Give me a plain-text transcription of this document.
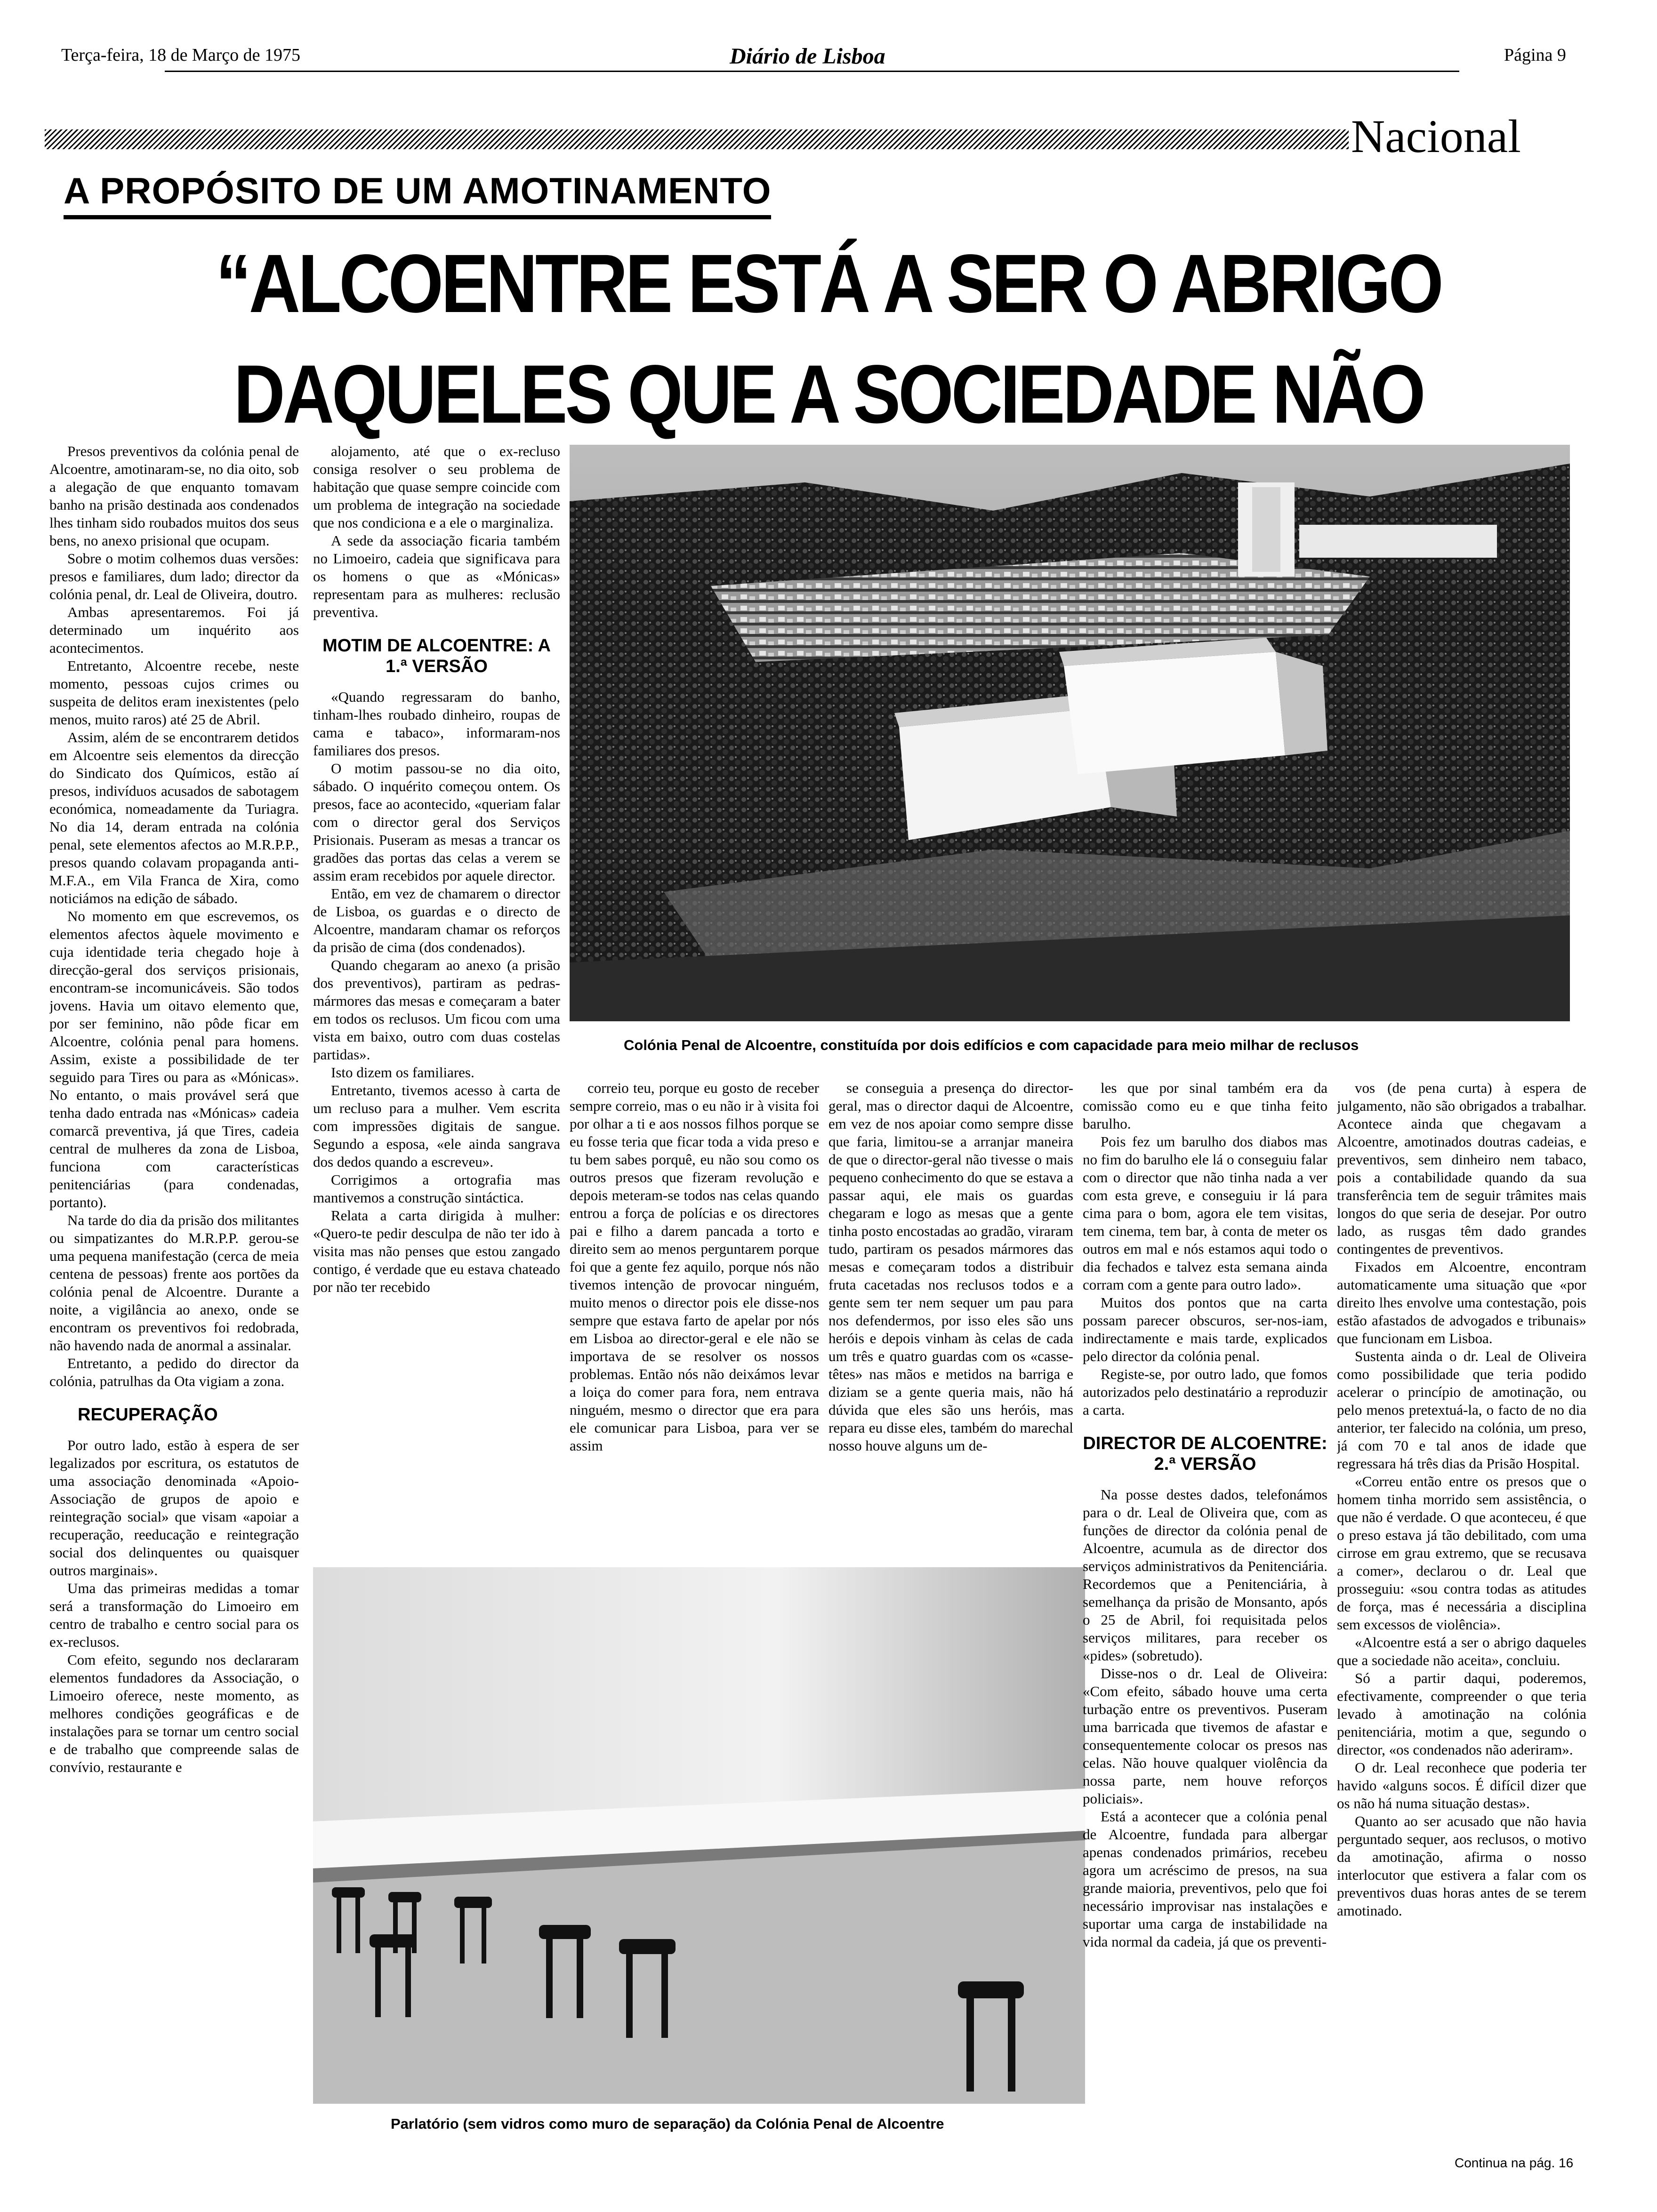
Terça-feira, 18 de Março de 1975	Diário de Lisboa	Página 9
Nacional
A PROPÓSITO DE UM AMOTINAMENTO
“ALCOENTRE ESTÁ A SER O ABRIGO
DAQUELES QUE A SOCIEDADE NÃO

Presos preventivos da colónia penal de Alcoentre, amotinaram-se, no dia oito, sob a alegação de que enquanto tomavam banho na prisão destinada aos condenados lhes tinham sido roubados muitos dos seus bens, no anexo prisional que ocupam.

Sobre o motim colhemos duas versões: presos e familiares, dum lado; director da colónia penal, dr. Leal de Oliveira, doutro.

Ambas apresentaremos. Foi já determinado um inquérito aos acontecimentos.

Entretanto, Alcoentre recebe, neste momento, pessoas cujos crimes ou suspeita de delitos eram inexistentes (pelo menos, muito raros) até 25 de Abril.

Assim, além de se encontrarem detidos em Alcoentre seis elementos da direcção do Sindicato dos Químicos, estão aí presos, indivíduos acusados de sabotagem económica, nomeadamente da Turiagra. No dia 14, deram entrada na colónia penal, sete elementos afectos ao M.R.P.P., presos quando colavam propaganda anti-M.F.A., em Vila Franca de Xira, como noticiámos na edição de sábado.

No momento em que escrevemos, os elementos afectos àquele movimento e cuja identidade teria chegado hoje à direcção-geral dos serviços prisionais, encontram-se incomunicáveis. São todos jovens. Havia um oitavo elemento que, por ser feminino, não pôde ficar em Alcoentre, colónia penal para homens. Assim, existe a possibilidade de ter seguido para Tires ou para as «Mónicas». No entanto, o mais provável será que tenha dado entrada nas «Mónicas» cadeia comarcã preventiva, já que Tires, cadeia central de mulheres da zona de Lisboa, funciona com características penitenciárias (para condenadas, portanto).

Na tarde do dia da prisão dos militantes ou simpatizantes do M.R.P.P. gerou-se uma pequena manifestação (cerca de meia centena de pessoas) frente aos portões da colónia penal de Alcoentre. Durante a noite, a vigilância ao anexo, onde se encontram os preventivos foi redobrada, não havendo nada de anormal a assinalar.

Entretanto, a pedido do director da colónia, patrulhas da Ota vigiam a zona.

RECUPERAÇÃO

Por outro lado, estão à espera de ser legalizados por escritura, os estatutos de uma associação denominada «Apoio-Associação de grupos de apoio e reintegração social» que visam «apoiar a recuperação, reeducação e reintegração social dos delinquentes ou quaisquer outros marginais».

Uma das primeiras medidas a tomar será a transformação do Limoeiro em centro de trabalho e centro social para os ex-reclusos.

Com efeito, segundo nos declararam elementos fundadores da Associação, o Limoeiro oferece, neste momento, as melhores condições geográficas e de instalações para se tornar um centro social e de trabalho que compreende salas de convívio, restaurante e

alojamento, até que o ex-recluso consiga resolver o seu problema de habitação que quase sempre coincide com um problema de integração na sociedade que nos condiciona e a ele o marginaliza.

A sede da associação ficaria também no Limoeiro, cadeia que significava para os homens o que as «Mónicas» representam para as mulheres: reclusão preventiva.

MOTIM DE ALCOENTRE: A 1.ª VERSÃO

«Quando regressaram do banho, tinham-lhes roubado dinheiro, roupas de cama e tabaco», informaram-nos familiares dos presos.

O motim passou-se no dia oito, sábado. O inquérito começou ontem. Os presos, face ao acontecido, «queriam falar com o director geral dos Serviços Prisionais. Puseram as mesas a trancar os gradões das portas das celas a verem se assim eram recebidos por aquele director.

Então, em vez de chamarem o director de Lisboa, os guardas e o directo de Alcoentre, mandaram chamar os reforços da prisão de cima (dos condenados).

Quando chegaram ao anexo (a prisão dos preventivos), partiram as pedras-mármores das mesas e começaram a bater em todos os reclusos. Um ficou com uma vista em baixo, outro com duas costelas partidas».

Isto dizem os familiares.

Entretanto, tivemos acesso à carta de um recluso para a mulher. Vem escrita com impressões digitais de sangue. Segundo a esposa, «ele ainda sangrava dos dedos quando a escreveu».

Corrigimos a ortografia mas mantivemos a construção sintáctica.

Relata a carta dirigida à mulher: «Quero-te pedir desculpa de não ter ido à visita mas não penses que estou zangado contigo, é verdade que eu estava chateado por não ter recebido

Colónia Penal de Alcoentre, constituída por dois edifícios e com capacidade para meio milhar de reclusos

correio teu, porque eu gosto de receber sempre correio, mas o eu não ir à visita foi por olhar a ti e aos nossos filhos porque se eu fosse teria que ficar toda a vida preso e tu bem sabes porquê, eu não sou como os outros presos que fizeram revolução e depois meteram-se todos nas celas quando entrou a força de polícias e os directores pai e filho a darem pancada a torto e direito sem ao menos perguntarem porque foi que a gente fez aquilo, porque nós não tivemos intenção de provocar ninguém, muito menos o director pois ele disse-nos sempre que estava farto de apelar por nós em Lisboa ao director-geral e ele não se importava de se resolver os nossos problemas. Então nós não deixámos levar a loiça do comer para fora, nem entrava ninguém, mesmo o director que era para ele comunicar para Lisboa, para ver se assim

se conseguia a presença do director-geral, mas o director daqui de Alcoentre, em vez de nos apoiar como sempre disse que faria, limitou-se a arranjar maneira de que o director-geral não tivesse o mais pequeno conhecimento do que se estava a passar aqui, ele mais os guardas chegaram e logo as mesas que a gente tinha posto encostadas ao gradão, viraram tudo, partiram os pesados mármores das mesas e começaram todos a distribuir fruta cacetadas nos reclusos todos e a gente sem ter nem sequer um pau para nos defendermos, por isso eles são uns heróis e depois vinham às celas de cada um três e quatro guardas com os «casse-têtes» nas mãos e metidos na barriga e diziam se a gente queria mais, não há dúvida que eles são uns heróis, mas repara eu disse eles, também do marechal nosso houve alguns um de-

Parlatório (sem vidros como muro de separação) da Colónia Penal de Alcoentre

les que por sinal também era da comissão como eu e que tinha feito barulho.

Pois fez um barulho dos diabos mas no fim do barulho ele lá o conseguiu falar com o director que não tinha nada a ver com esta greve, e conseguiu ir lá para cima para o bom, agora ele tem visitas, tem cinema, tem bar, à conta de meter os outros em mal e nós estamos aqui todo o dia fechados e talvez esta semana ainda corram com a gente para outro lado».

Muitos dos pontos que na carta possam parecer obscuros, ser-nos-iam, indirectamente e mais tarde, explicados pelo director da colónia penal.

Registe-se, por outro lado, que fomos autorizados pelo destinatário a reproduzir a carta.

DIRECTOR DE ALCOENTRE: 2.ª VERSÃO

Na posse destes dados, telefonámos para o dr. Leal de Oliveira que, com as funções de director da colónia penal de Alcoentre, acumula as de director dos serviços administrativos da Penitenciária. Recordemos que a Penitenciária, à semelhança da prisão de Monsanto, após o 25 de Abril, foi requisitada pelos serviços militares, para receber os «pides» (sobretudo).

Disse-nos o dr. Leal de Oliveira: «Com efeito, sábado houve uma certa turbação entre os preventivos. Puseram uma barricada que tivemos de afastar e consequentemente colocar os presos nas celas. Não houve qualquer violência da nossa parte, nem houve reforços policiais».

Está a acontecer que a colónia penal de Alcoentre, fundada para albergar apenas condenados primários, recebeu agora um acréscimo de presos, na sua grande maioria, preventivos, pelo que foi necessário improvisar nas instalações e suportar uma carga de instabilidade na vida normal da cadeia, já que os preventi-

vos (de pena curta) à espera de julgamento, não são obrigados a trabalhar. Acontece ainda que chegavam a Alcoentre, amotinados doutras cadeias, e preventivos, sem dinheiro nem tabaco, pois a contabilidade quando da sua transferência tem de seguir trâmites mais longos do que seria de desejar. Por outro lado, as rusgas têm dado grandes contingentes de preventivos.

Fixados em Alcoentre, encontram automaticamente uma situação que «por direito lhes envolve uma contestação, pois estão afastados de advogados e tribunais» que funcionam em Lisboa.

Sustenta ainda o dr. Leal de Oliveira como possibilidade que teria podido acelerar o princípio de amotinação, ou pelo menos pretextuá-la, o facto de no dia anterior, ter falecido na colónia, um preso, já com 70 e tal anos de idade que regressara há três dias da Prisão Hospital.

«Correu então entre os presos que o homem tinha morrido sem assistência, o que não é verdade. O que aconteceu, é que o preso estava já tão debilitado, com uma cirrose em grau extremo, que se recusava a comer», declarou o dr. Leal que prosseguiu: «sou contra todas as atitudes de força, mas é necessária a disciplina sem excessos de violência».

«Alcoentre está a ser o abrigo daqueles que a sociedade não aceita», concluiu.

Só a partir daqui, poderemos, efectivamente, compreender o que teria levado à amotinação na colónia penitenciária, motim a que, segundo o director, «os condenados não aderiram».

O dr. Leal reconhece que poderia ter havido «alguns socos. É difícil dizer que os não há numa situação destas».

Quanto ao ser acusado que não havia perguntado sequer, aos reclusos, o motivo da amotinação, afirma o nosso interlocutor que estivera a falar com os preventivos duas horas antes de se terem amotinado.

Continua na pág. 16
